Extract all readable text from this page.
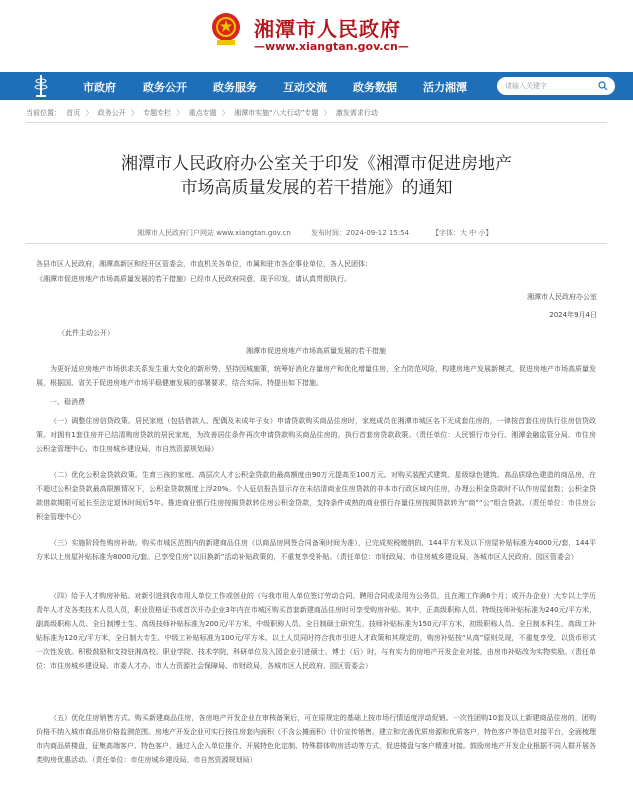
湘潭市人民政府
—www.xiangtan.gov.cn—
市政府 政务公开 政务服务 互动交流 政务数据 活力湘潭
请输入关键字
当前位置： 首页 〉 政务公开 〉 专题专栏 〉 重点专题 〉 湘潭市实施“八大行动”专题 〉 激发需求行动
湘潭市人民政府办公室关于印发《湘潭市促进房地产
市场高质量发展的若干措施》的通知
湘潭市人民政府门户网站 www.xiangtan.gov.cn	发布时间：2024-09-12 15:54	【字体：大 中 小】
各县市区人民政府，湘潭高新区和经开区管委会，市直机关各单位，市属和驻市各企事业单位，各人民团体：
《湘潭市促进房地产市场高质量发展的若干措施》已经市人民政府同意，现予印发，请认真贯彻执行。
湘潭市人民政府办公室
2024年9月4日
（此件主动公开）
湘潭市促进房地产市场高质量发展的若干措施
为更好适应房地产市场供求关系发生重大变化的新形势，坚持因城施策，统筹好消化存量房产和优化增量住房，全力防范风险，构建房地产发展新模式，促进房地产市场高质量发展，根据国、省关于促进房地产市场平稳健康发展的部署要求，结合实际，特提出如下措施。
一、稳消费
（一）调整住房信贷政策。居民家庭（包括借款人、配偶及未成年子女）申请贷款购买商品住房时，家庭成员在湘潭市城区名下无成套住房的，一律按首套住房执行住房信贷政策。对拥有1套住房并已结清购房贷款的居民家庭，为改善居住条件再次申请贷款购买商品住房的，执行首套房贷款政策。（责任单位：人民银行市分行、湘潭金融监管分局、市住房公积金管理中心、市住房城乡建设局、市自然资源规划局）
（二）优化公积金贷款政策。生育三孩的家庭、高层次人才公积金贷款的最高额度由90万元提高至100万元。对购买装配式建筑、星级绿色建筑、高品质绿色建造的商品房，在不超过公积金贷款最高限额情况下，公积金贷款额度上浮20%。个人征信报告显示存在未结清商业住房贷款的非本市行政区域内住房，办理公积金贷款时不认作房屋套数；公积金贷款借款期限可延长至法定退休时间后5年。推进商业银行住房按揭贷款转住房公积金贷款，支持条件成熟的商业银行存量住房按揭贷款转为“商”“公”组合贷款。（责任单位：市住房公积金管理中心）
（三）实施阶段性购房补助。购买市城区范围内的新建商品住房（以商品房网签合同备案时间为准），已完成契税缴纳的，144平方米及以下房屋补贴标准为4000元/套，144平方米以上房屋补贴标准为8000元/套。已享受住房“以旧换新”活动补贴政策的，不重复享受补贴。（责任单位：市财政局、市住房城乡建设局，各城市区人民政府、园区管委会）
（四）给予人才购房补贴。对新引进到我市用人单位工作或创业的（与我市用人单位签订劳动合同、聘用合同或录用为公务员，且在湘工作满6个月；或开办企业）大专以上学历青年人才及各类技术人员人员，职业资格证书或首次开办企业3年内在市城区购买首套新建商品住房时可享受购房补贴。其中，正高级职称人员、特级技师补贴标准为240元/平方米，副高级职称人员、全日制博士生、高级技师补贴标准为200元/平方米，中级职称人员、全日制硕士研究生、技师补贴标准为150元/平方米，初级职称人员、全日制本科生、高级工补贴标准为120元/平方米，全日制大专生、中级工补贴标准为100元/平方米。以上人员同时符合我市引进人才政策和其规定的，购房补贴按“从高”原则兑现，不重复享受，以货币形式一次性发放。积极鼓励和支持驻湘高校、职业学院、技术学院、科研单位及入园企业引进硕士、博士（后）时，与有实力的房地产开发企业对接，由房市补贴改为实物奖励。（责任单位：市住房城乡建设局、市委人才办、市人力资源社会保障局、市财政局，各城市区人民政府、园区管委会）
（五）优化住房销售方式。购买新建商品住房，各房地产开发企业在审核备案后，可在原规定的基础上按市场行情适度浮动促销。一次性团购10套及以上新建商品住房的，团购价格不纳入城市商品房价格监测范围。房地产开发企业可实行按住房套内面积（不含公摊面积）计价宣传销售。建立和完善优质房源和优质客户，特色客户等信息对接平台，全面梳理市内商品质楼盘，征集高端客户、特色客户，通过入企入单位推介、开展特色化定制、特殊群体购房活动等方式，促进楼盘与客户精准对接。鼓励房地产开发企业根据不同人群开展各类购房优惠活动。（责任单位：市住房城乡建设局、市自然资源规划局）
